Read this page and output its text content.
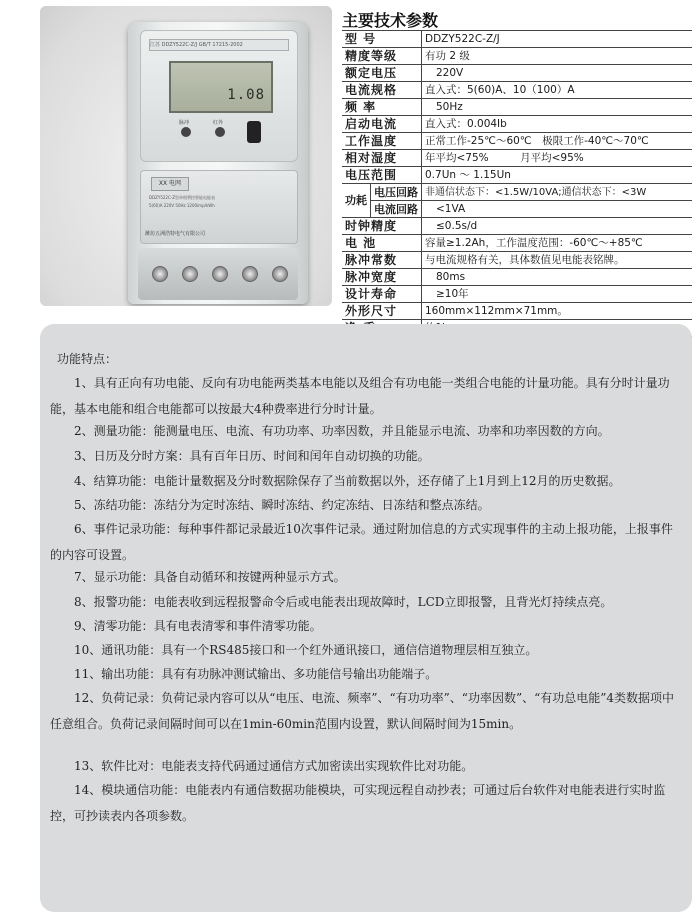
江苏 DDZY522C-Z/J GB/T 17215-2002
1.08
脉冲	红外
XX 电网
DDZY522C-Z型单相费控智能电能表
5(60)A 220V 50Hz 1200imp/kWh
潍坊五洲浩特电气有限公司
主要技术参数
型 号		DDZY522C-Z/J
精度等级		有功 2 级
额定电压		220V
电流规格		直入式：5(60)A、10（100）A
频 率		50Hz
启动电流		直入式：0.004Ib
工作温度		正常工作-25℃～60℃　极限工作-40℃～70℃
相对湿度		年平均<75%　　　月平均<95%
电压范围		0.7Un ～ 1.15Un
功耗	电压回路	非通信状态下：<1.5W/10VA;通信状态下：<3W
	电流回路	<1VA
时钟精度		≤0.5s/d
电 池		容量≥1.2Ah，工作温度范围：-60℃～+85℃
脉冲常数		与电流规格有关，具体数值见电能表铭牌。
脉冲宽度		80ms
设计寿命		≥10年
外形尺寸		160mm×112mm×71mm。

功能特点：

1、具有正向有功电能、反向有功电能两类基本电能以及组合有功电能一类组合电能的计量功能。具有分时计量功能，基本电能和组合电能都可以按最大4种费率进行分时计量。

2、测量功能：能测量电压、电流、有功功率、功率因数，并且能显示电流、功率和功率因数的方向。

3、日历及分时方案：具有百年日历、时间和闰年自动切换的功能。

4、结算功能：电能计量数据及分时数据除保存了当前数据以外，还存储了上1月到上12月的历史数据。

5、冻结功能：冻结分为定时冻结、瞬时冻结、约定冻结、日冻结和整点冻结。

6、事件记录功能：每种事件都记录最近10次事件记录。通过附加信息的方式实现事件的主动上报功能，上报事件的内容可设置。

7、显示功能：具备自动循环和按键两种显示方式。

8、报警功能：电能表收到远程报警命令后或电能表出现故障时，LCD立即报警，且背光灯持续点亮。

9、清零功能：具有电表清零和事件清零功能。

10、通讯功能：具有一个RS485接口和一个红外通讯接口，通信信道物理层相互独立。

11、输出功能：具有有功脉冲测试输出、多功能信号输出功能端子。

12、负荷记录：负荷记录内容可以从“电压、电流、频率”、“有功功率”、“功率因数”、“有功总电能”4类数据项中任意组合。负荷记录间隔时间可以在1min-60min范围内设置，默认间隔时间为15min。

13、软件比对：电能表支持代码通过通信方式加密读出实现软件比对功能。

14、模块通信功能：电能表内有通信数据功能模块，可实现远程自动抄表；可通过后台软件对电能表进行实时监控，可抄读表内各项参数。
